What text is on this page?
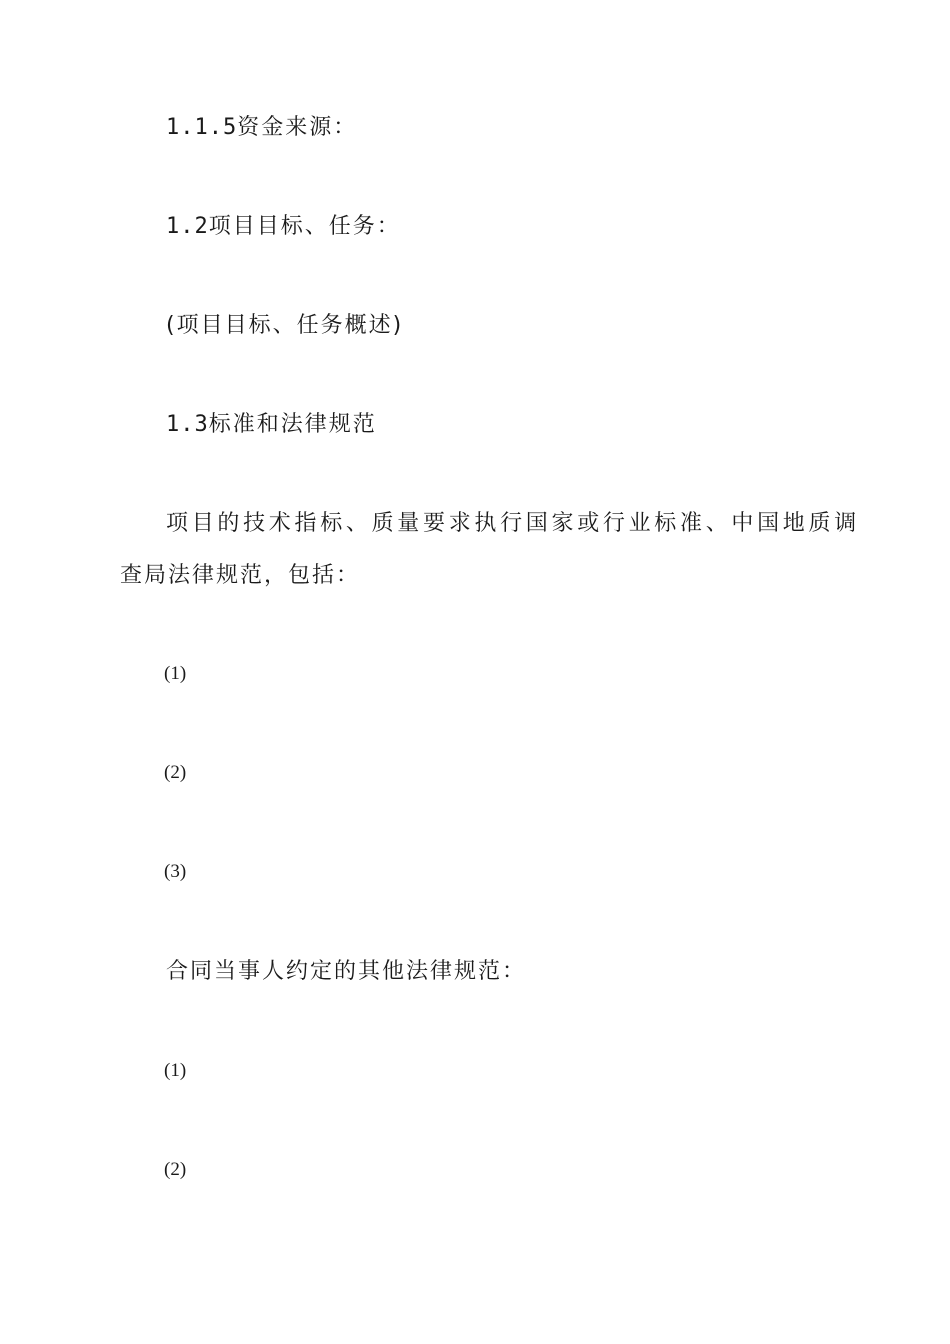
1.1.5资金来源：
1.2项目目标、任务：
(项目目标、任务概述)
1.3标准和法律规范
项目的技术指标、质量要求执行国家或行业标准、中国地质调
查局法律规范，包括：
(1)
(2)
(3)
合同当事人约定的其他法律规范：
(1)
(2)
